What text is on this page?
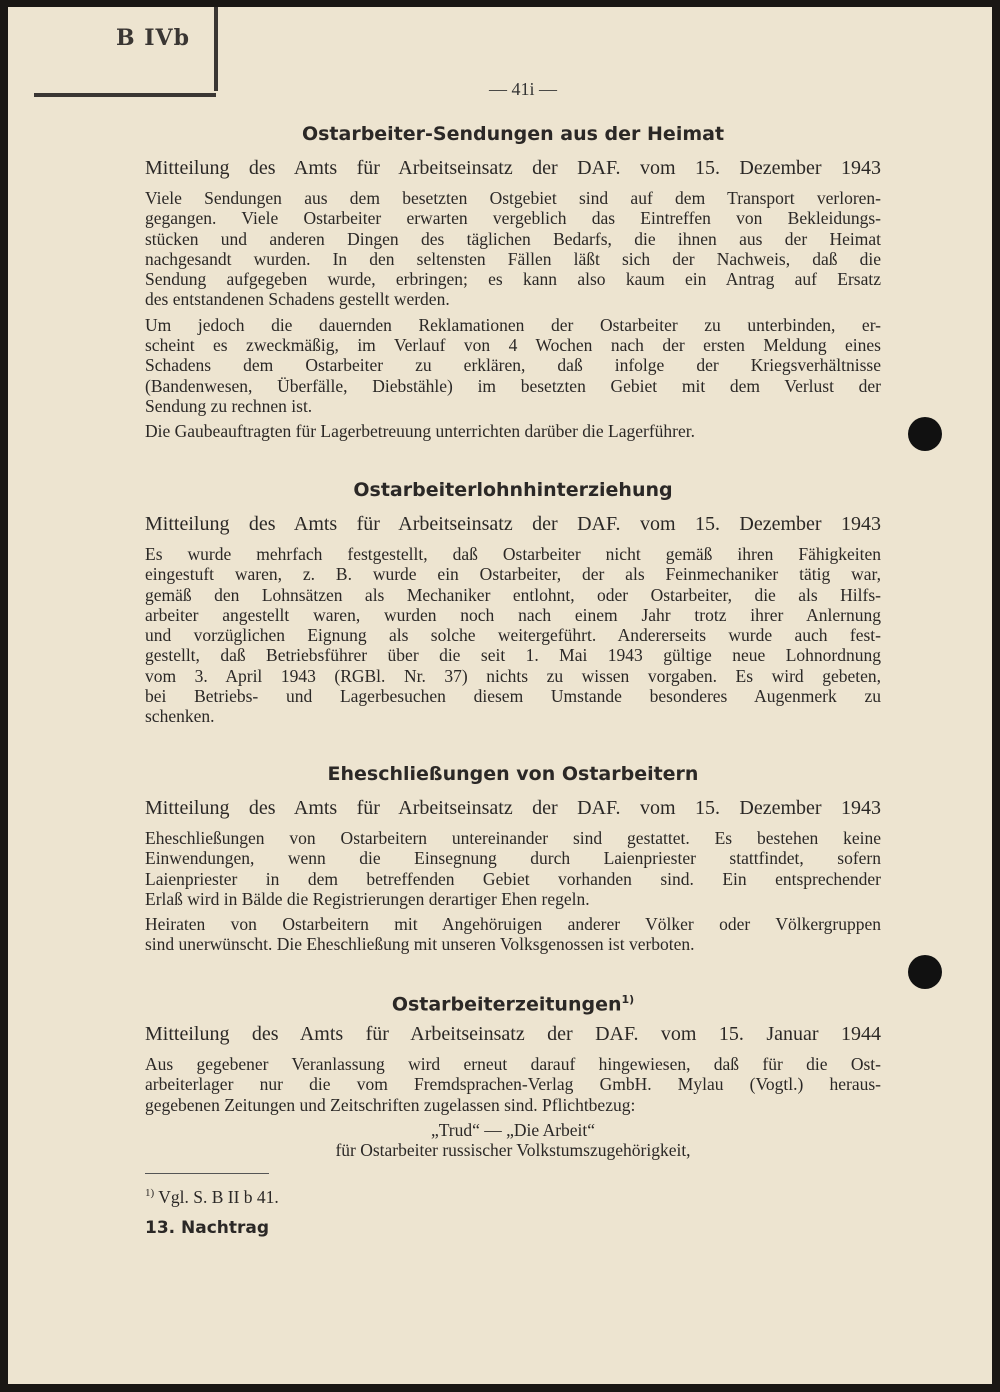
B IVb
— 41i —
Ostarbeiter-Sendungen aus der Heimat
Mitteilung des Amts für Arbeitseinsatz der DAF. vom 15. Dezember 1943
Viele Sendungen aus dem besetzten Ostgebiet sind auf dem Transport verloren-
gegangen. Viele Ostarbeiter erwarten vergeblich das Eintreffen von Bekleidungs-
stücken und anderen Dingen des täglichen Bedarfs, die ihnen aus der Heimat
nachgesandt wurden. In den seltensten Fällen läßt sich der Nachweis, daß die
Sendung aufgegeben wurde, erbringen; es kann also kaum ein Antrag auf Ersatz
des entstandenen Schadens gestellt werden.
Um jedoch die dauernden Reklamationen der Ostarbeiter zu unterbinden, er-
scheint es zweckmäßig, im Verlauf von 4 Wochen nach der ersten Meldung eines
Schadens dem Ostarbeiter zu erklären, daß infolge der Kriegsverhältnisse
(Bandenwesen, Überfälle, Diebstähle) im besetzten Gebiet mit dem Verlust der
Sendung zu rechnen ist.
Die Gaubeauftragten für Lagerbetreuung unterrichten darüber die Lagerführer.
Ostarbeiterlohnhinterziehung
Mitteilung des Amts für Arbeitseinsatz der DAF. vom 15. Dezember 1943
Es wurde mehrfach festgestellt, daß Ostarbeiter nicht gemäß ihren Fähigkeiten
eingestuft waren, z. B. wurde ein Ostarbeiter, der als Feinmechaniker tätig war,
gemäß den Lohnsätzen als Mechaniker entlohnt, oder Ostarbeiter, die als Hilfs-
arbeiter angestellt waren, wurden noch nach einem Jahr trotz ihrer Anlernung
und vorzüglichen Eignung als solche weitergeführt. Andererseits wurde auch fest-
gestellt, daß Betriebsführer über die seit 1. Mai 1943 gültige neue Lohnordnung
vom 3. April 1943 (RGBl. Nr. 37) nichts zu wissen vorgaben. Es wird gebeten,
bei Betriebs- und Lagerbesuchen diesem Umstande besonderes Augenmerk zu
schenken.
Eheschließungen von Ostarbeitern
Mitteilung des Amts für Arbeitseinsatz der DAF. vom 15. Dezember 1943
Eheschließungen von Ostarbeitern untereinander sind gestattet. Es bestehen keine
Einwendungen, wenn die Einsegnung durch Laienpriester stattfindet, sofern
Laienpriester in dem betreffenden Gebiet vorhanden sind. Ein entsprechender
Erlaß wird in Bälde die Registrierungen derartiger Ehen regeln.
Heiraten von Ostarbeitern mit Angehöruigen anderer Völker oder Völkergruppen
sind unerwünscht. Die Eheschließung mit unseren Volksgenossen ist verboten.
Ostarbeiterzeitungen$^{1)}$
Mitteilung des Amts für Arbeitseinsatz der DAF. vom 15. Januar 1944
Aus gegebener Veranlassung wird erneut darauf hingewiesen, daß für die Ost-
arbeiterlager nur die vom Fremdsprachen-Verlag GmbH. Mylau (Vogtl.) heraus-
gegebenen Zeitungen und Zeitschriften zugelassen sind. Pflichtbezug:
„Trud“ — „Die Arbeit“
für Ostarbeiter russischer Volkstumszugehörigkeit,
$^{1)}$ Vgl. S. B II b 41.
13. Nachtrag
